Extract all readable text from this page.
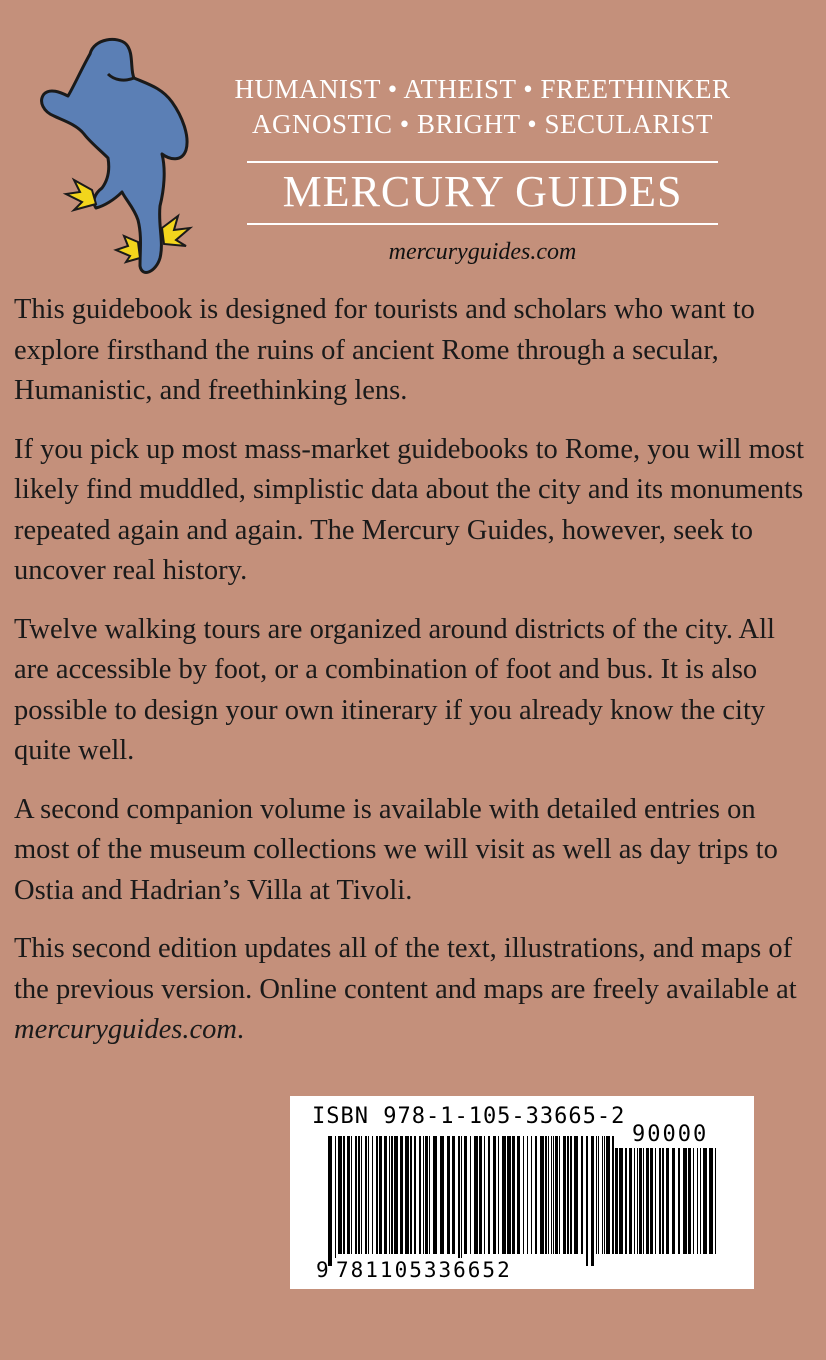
HUMANIST • ATHEIST • FREETHINKER
AGNOSTIC • BRIGHT • SECULARIST
MERCURY GUIDES
mercuryguides.com

This guidebook is designed for tourists and scholars who want to explore firsthand the ruins of ancient Rome through a secular, Humanistic, and freethinking lens.

If you pick up most mass-market guidebooks to Rome, you will most likely find muddled, simplistic data about the city and its monuments repeated again and again. The Mercury Guides, however, seek to uncover real history.

Twelve walking tours are organized around districts of the city. All are accessible by foot, or a combination of foot and bus. It is also possible to design your own itinerary if you already know the city quite well.

A second companion volume is available with detailed entries on most of the museum collections we will visit as well as day trips to Ostia and Hadrian’s Villa at Tivoli.

This second edition updates all of the text, illustrations, and maps of the previous version. Online content and maps are freely available at mercuryguides.com.

ISBN 978-1-105-33665-2
90000
9 781105336652
